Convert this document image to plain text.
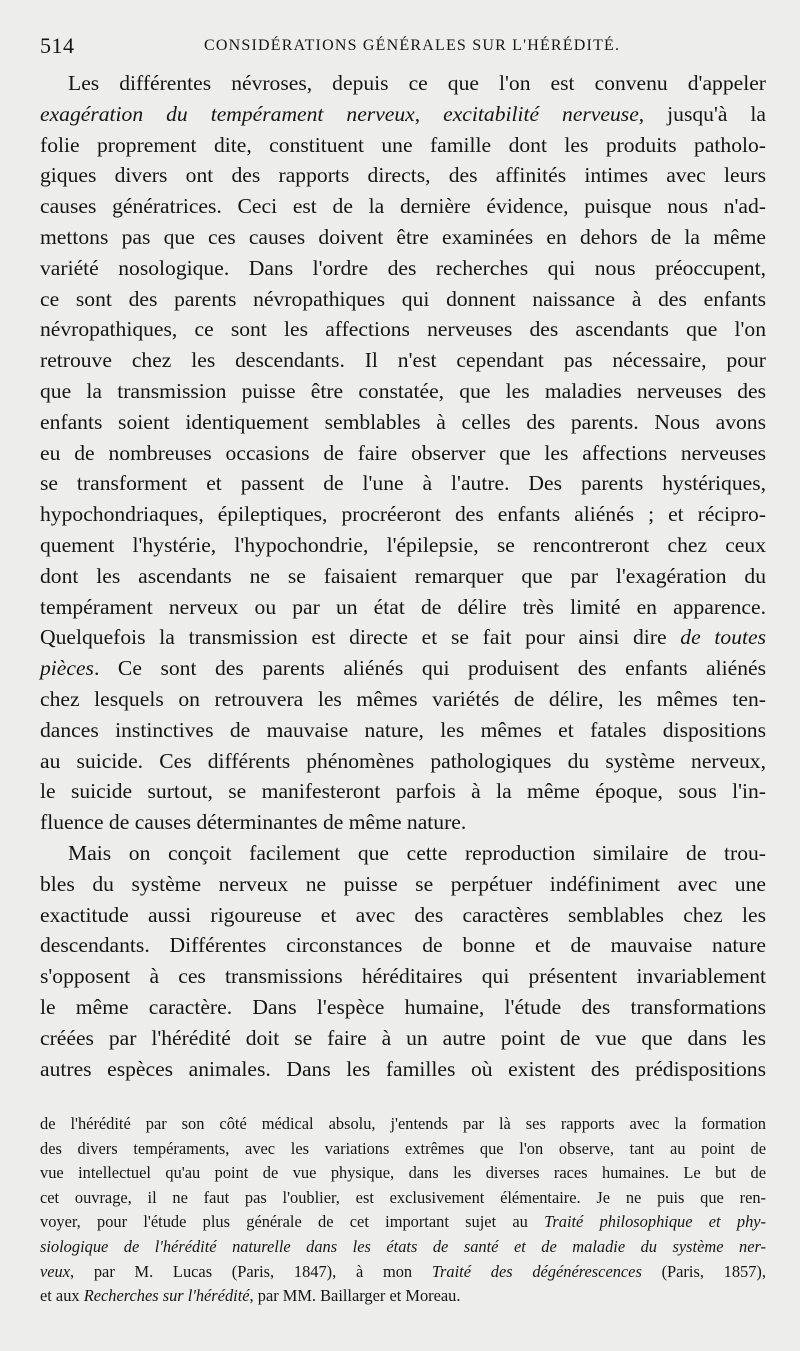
514	CONSIDÉRATIONS GÉNÉRALES SUR L'HÉRÉDITÉ.

Les différentes névroses, depuis ce que l'on est convenu d'appeler

exagération du tempérament nerveux, excitabilité nerveuse, jusqu'à la

folie proprement dite, constituent une famille dont les produits patholo-

giques divers ont des rapports directs, des affinités intimes avec leurs

causes génératrices. Ceci est de la dernière évidence, puisque nous n'ad-

mettons pas que ces causes doivent être examinées en dehors de la même

variété nosologique. Dans l'ordre des recherches qui nous préoccupent,

ce sont des parents névropathiques qui donnent naissance à des enfants

névropathiques, ce sont les affections nerveuses des ascendants que l'on

retrouve chez les descendants. Il n'est cependant pas nécessaire, pour

que la transmission puisse être constatée, que les maladies nerveuses des

enfants soient identiquement semblables à celles des parents. Nous avons

eu de nombreuses occasions de faire observer que les affections nerveuses

se transforment et passent de l'une à l'autre. Des parents hystériques,

hypochondriaques, épileptiques, procréeront des enfants aliénés ; et récipro-

quement l'hystérie, l'hypochondrie, l'épilepsie, se rencontreront chez ceux

dont les ascendants ne se faisaient remarquer que par l'exagération du

tempérament nerveux ou par un état de délire très limité en apparence.

Quelquefois la transmission est directe et se fait pour ainsi dire de toutes

pièces. Ce sont des parents aliénés qui produisent des enfants aliénés

chez lesquels on retrouvera les mêmes variétés de délire, les mêmes ten-

dances instinctives de mauvaise nature, les mêmes et fatales dispositions

au suicide. Ces différents phénomènes pathologiques du système nerveux,

le suicide surtout, se manifesteront parfois à la même époque, sous l'in-

fluence de causes déterminantes de même nature.

Mais on conçoit facilement que cette reproduction similaire de trou-

bles du système nerveux ne puisse se perpétuer indéfiniment avec une

exactitude aussi rigoureuse et avec des caractères semblables chez les

descendants. Différentes circonstances de bonne et de mauvaise nature

s'opposent à ces transmissions héréditaires qui présentent invariablement

le même caractère. Dans l'espèce humaine, l'étude des transformations

créées par l'hérédité doit se faire à un autre point de vue que dans les

autres espèces animales. Dans les familles où existent des prédispositions

de l'hérédité par son côté médical absolu, j'entends par là ses rapports avec la formation

des divers tempéraments, avec les variations extrêmes que l'on observe, tant au point de

vue intellectuel qu'au point de vue physique, dans les diverses races humaines. Le but de

cet ouvrage, il ne faut pas l'oublier, est exclusivement élémentaire. Je ne puis que ren-

voyer, pour l'étude plus générale de cet important sujet au Traité philosophique et phy-

siologique de l'hérédité naturelle dans les états de santé et de maladie du système ner-

veux, par M. Lucas (Paris, 1847), à mon Traité des dégénérescences (Paris, 1857),

et aux Recherches sur l'hérédité, par MM. Baillarger et Moreau.
